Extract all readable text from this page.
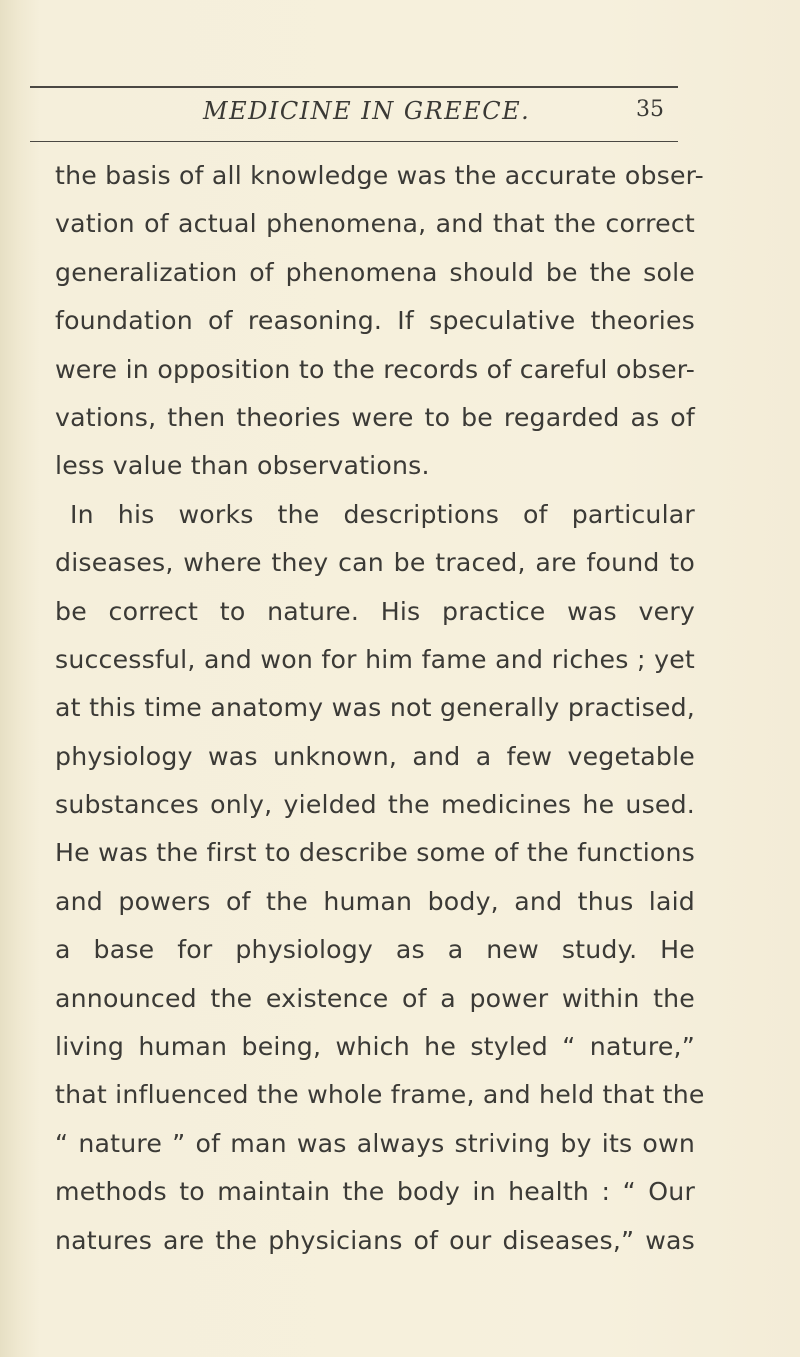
MEDICINE IN GREECE.	35
the basis of all knowledge was the accurate obser-
vation of actual phenomena, and that the correct
generalization of phenomena should be the sole
foundation of reasoning. If speculative theories
were in opposition to the records of careful obser-
vations, then theories were to be regarded as of
less value than observations.
In his works the descriptions of particular
diseases, where they can be traced, are found to
be correct to nature. His practice was very
successful, and won for him fame and riches ; yet
at this time anatomy was not generally practised,
physiology was unknown, and a few vegetable
substances only, yielded the medicines he used.
He was the first to describe some of the functions
and powers of the human body, and thus laid
a base for physiology as a new study. He
announced the existence of a power within the
living human being, which he styled “ nature,”
that influenced the whole frame, and held that the
“ nature ” of man was always striving by its own
methods to maintain the body in health : “ Our
natures are the physicians of our diseases,” was
